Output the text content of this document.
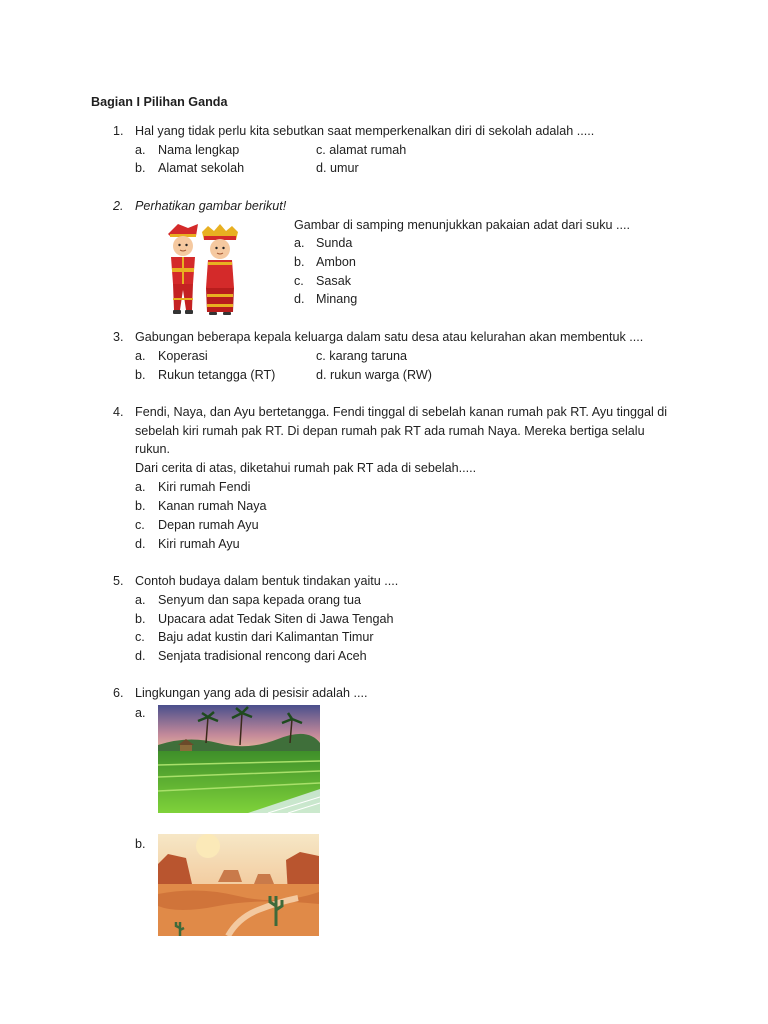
Bagian I Pilihan Ganda
1. Hal yang tidak perlu kita sebutkan saat memperkenalkan diri di sekolah adalah .....
a. Nama lengkap	c. alamat rumah
b. Alamat sekolah	d. umur
2. Perhatikan gambar berikut!
Gambar di samping menunjukkan pakaian adat dari suku ....
a. Sunda
b. Ambon
c. Sasak
d. Minang
3. Gabungan beberapa kepala keluarga dalam satu desa atau kelurahan akan membentuk ....
a. Koperasi	c. karang taruna
b. Rukun tetangga (RT)	d. rukun warga (RW)
4. Fendi, Naya, dan Ayu bertetangga. Fendi tinggal di sebelah kanan rumah pak RT. Ayu tinggal di
sebelah kiri rumah pak RT. Di depan rumah pak RT ada rumah Naya. Mereka bertiga selalu
rukun.
Dari cerita di atas, diketahui rumah pak RT ada di sebelah.....
a. Kiri rumah Fendi
b. Kanan rumah Naya
c. Depan rumah Ayu
d. Kiri rumah Ayu
5. Contoh budaya dalam bentuk tindakan yaitu ....
a. Senyum dan sapa kepada orang tua
b. Upacara adat Tedak Siten di Jawa Tengah
c. Baju adat kustin dari Kalimantan Timur
d. Senjata tradisional rencong dari Aceh
6. Lingkungan yang ada di pesisir adalah ....
a.
b.
